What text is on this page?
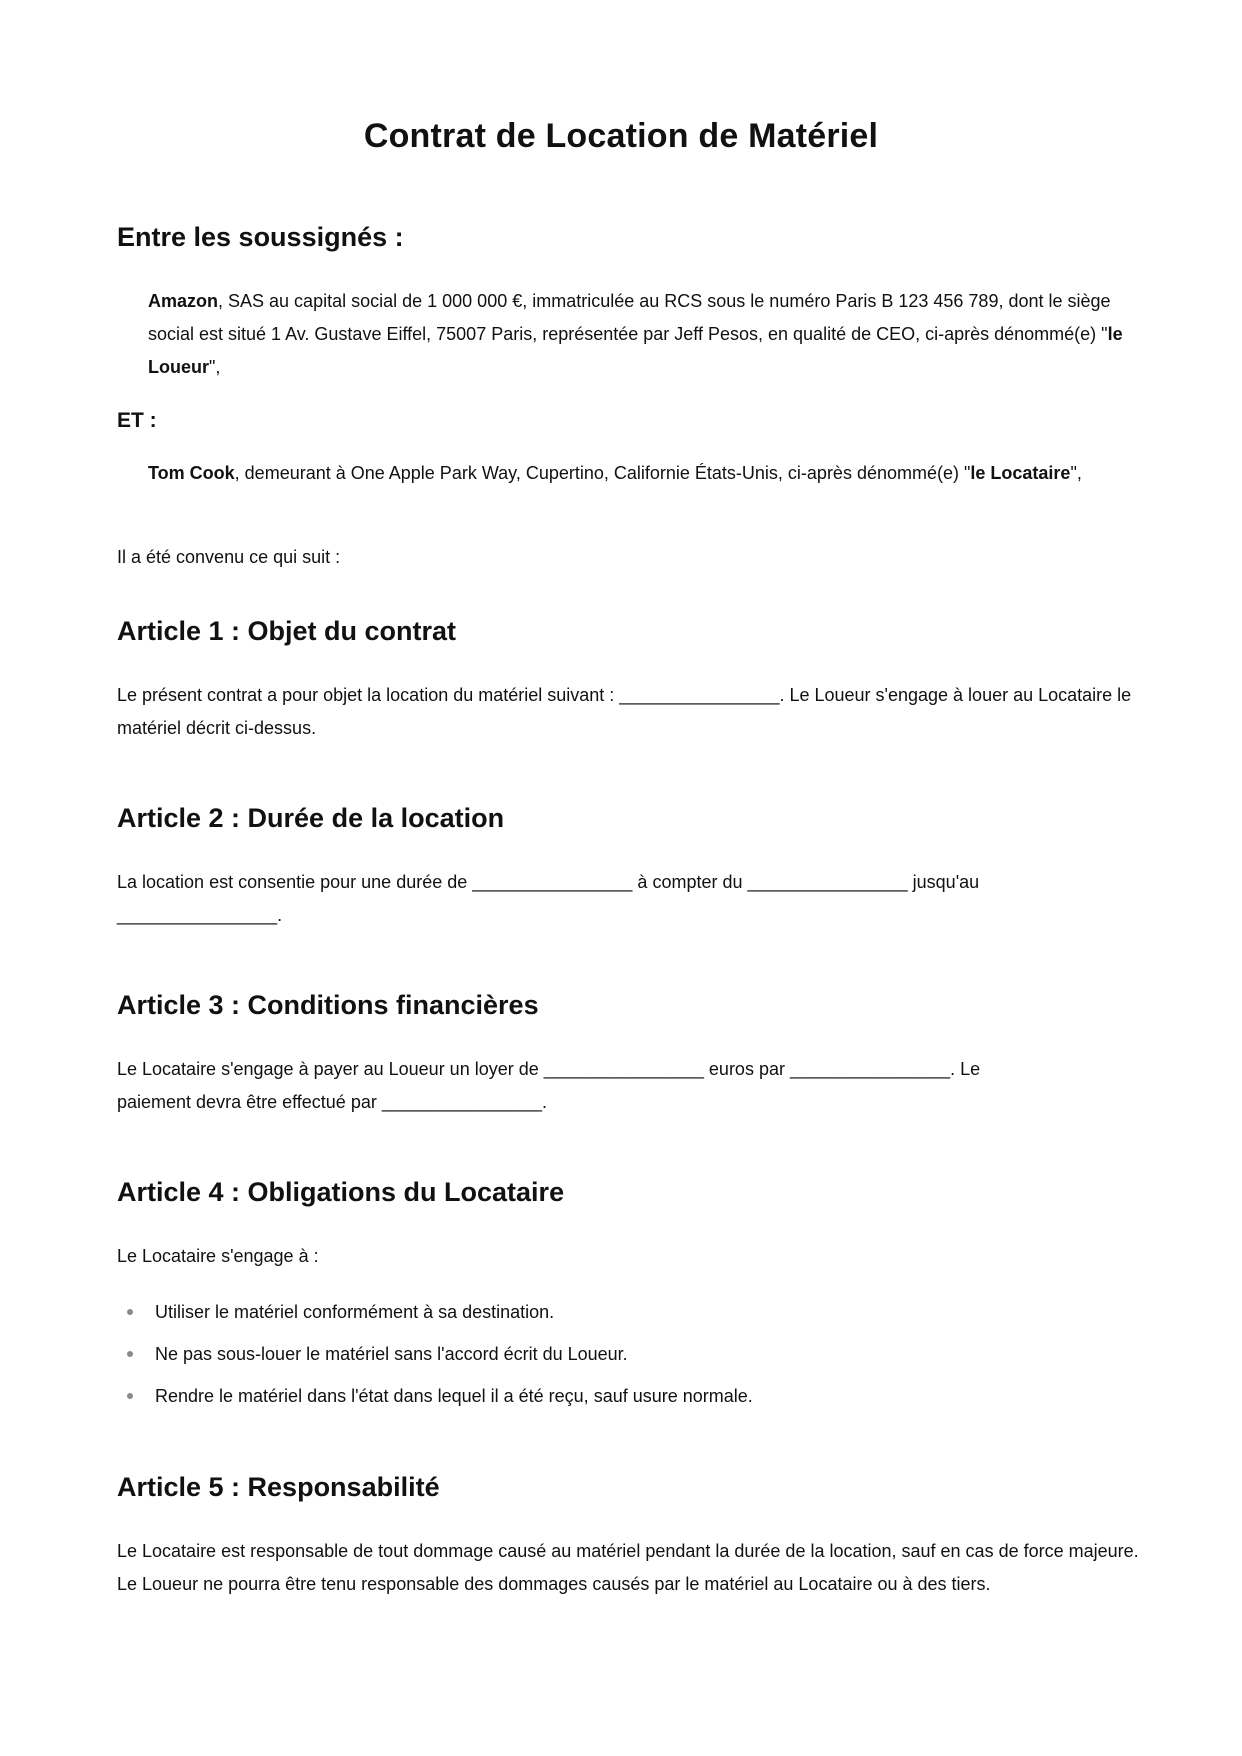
Contrat de Location de Matériel
Entre les soussignés :

Amazon, SAS au capital social de 1 000 000 €, immatriculée au RCS sous le numéro Paris B 123 456 789, dont le siège social est situé 1 Av. Gustave Eiffel, 75007 Paris, représentée par Jeff Pesos, en qualité de CEO, ci-après dénommé(e) "le Loueur",

ET :

Tom Cook, demeurant à One Apple Park Way, Cupertino, Californie États-Unis, ci-après dénommé(e) "le Locataire",

Il a été convenu ce qui suit :

Article 1 : Objet du contrat

Le présent contrat a pour objet la location du matériel suivant : ________________. Le Loueur s'engage à louer au Locataire le matériel décrit ci-dessus.

Article 2 : Durée de la location

La location est consentie pour une durée de ________________ à compter du ________________ jusqu'au ________________.

Article 3 : Conditions financières

Le Locataire s'engage à payer au Loueur un loyer de ________________ euros par ________________. Le paiement devra être effectué par ________________.

Article 4 : Obligations du Locataire

Le Locataire s'engage à :

Utiliser le matériel conformément à sa destination.
Ne pas sous-louer le matériel sans l'accord écrit du Loueur.
Rendre le matériel dans l'état dans lequel il a été reçu, sauf usure normale.
Article 5 : Responsabilité

Le Locataire est responsable de tout dommage causé au matériel pendant la durée de la location, sauf en cas de force majeure. Le Loueur ne pourra être tenu responsable des dommages causés par le matériel au Locataire ou à des tiers.
